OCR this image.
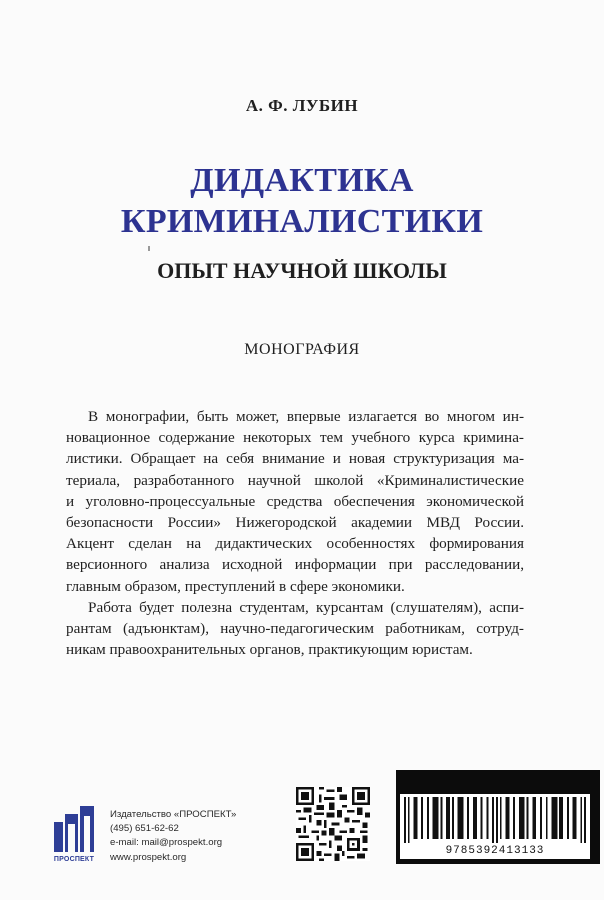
А. Ф. ЛУБИН
ДИДАКТИКА
КРИМИНАЛИСТИКИ
ОПЫТ НАУЧНОЙ ШКОЛЫ
МОНОГРАФИЯ
В монографии, быть может, впервые излагается во многом ин-
новационное содержание некоторых тем учебного курса кримина-
листики. Обращает на себя внимание и новая структуризация ма-
териала, разработанного научной школой «Криминалистические
и уголовно-процессуальные средства обеспечения экономической
безопасности России» Нижегородской академии МВД России.
Акцент сделан на дидактических особенностях формирования
версионного анализа исходной информации при расследовании,
главным образом, преступлений в сфере экономики.
Работа будет полезна студентам, курсантам (слушателям), аспи-
рантам (адъюнктам), научно-педагогическим работникам, сотруд-
никам правоохранительных органов, практикующим юристам.
ПРОСПЕКТ
Издательство «ПРОСПЕКТ»
(495) 651-62-62
e-mail: mail@prospekt.org
www.prospekt.org
9785392413133
